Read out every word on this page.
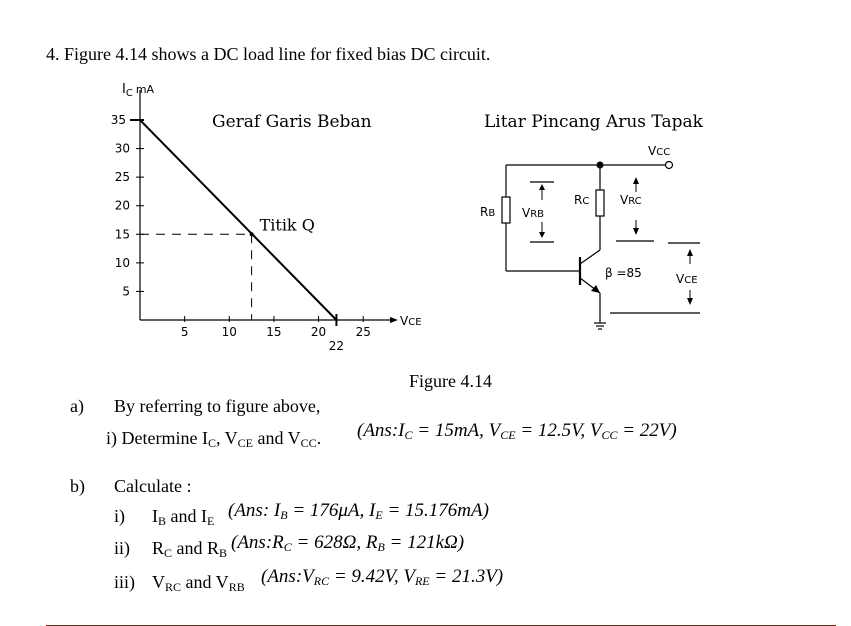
4. Figure 4.14 shows a DC load line for fixed bias DC circuit.
$I_C$ $^{mA}$
VCE
Geraf Garis Beban
35
30
25
20
15
10
5
5	10 15 20 25
22
Titik Q
Litar Pincang Arus Tapak
VCC
RB VRB
RC	VRC
β =85	VCE
Figure 4.14
a) By referring to figure above,
i) Determine $I_C$, $V_{CE}$ and $V_{CC}$. ($Ans:I_C = 15mA$, $V_{CE} = 12.5V$, $V_{CC} = 22V$)
b) Calculate :
i) $I_B$ and $I_E$ (Ans: $I_B = 176\mu A$, $I_E = 15.176mA$)
ii) $R_C$ and $R_B$ ($Ans:R_C = 628\Omega$, $R_B = 121k\Omega$)
iii) $V_{RC}$ and $V_{RB}$ ($Ans:V_{RC} = 9.42V$, $V_{RE} = 21.3V$)
